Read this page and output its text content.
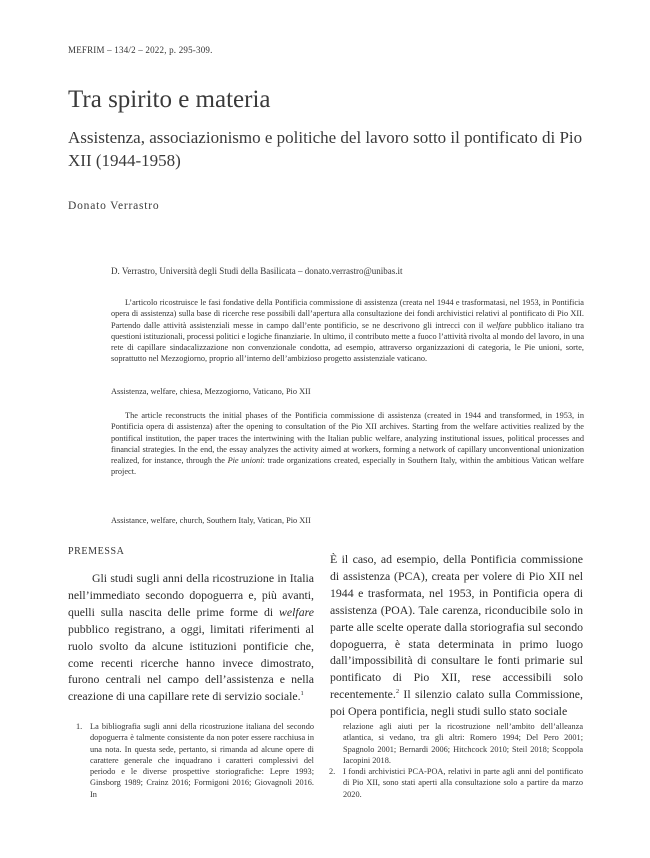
MEFRIM – 134/2 – 2022, p. 295-309.
Tra spirito e materia
Assistenza, associazionismo e politiche del lavoro sotto il pontificato di Pio XII (1944-1958)
Donato Verrastro
D. Verrastro, Università degli Studi della Basilicata – donato.verrastro@unibas.it

L’articolo ricostruisce le fasi fondative della Pontificia commissione di assistenza (creata nel 1944 e trasformatasi, nel 1953, in Pontificia opera di assistenza) sulla base di ricerche rese possibili dall’apertura alla consultazione dei fondi archivistici relativi al pontificato di Pio XII. Partendo dalle attività assistenziali messe in campo dall’ente pontificio, se ne descrivono gli intrecci con il welfare pubblico italiano tra questioni istituzionali, processi politici e logiche finanziarie. In ultimo, il contributo mette a fuoco l’attività rivolta al mondo del lavoro, in una rete di capillare sindacalizzazione non convenzionale condotta, ad esempio, attraverso organizzazioni di categoria, le Pie unioni, sorte, soprattutto nel Mezzogiorno, proprio all’interno dell’ambizioso progetto assistenziale vaticano.

Assistenza, welfare, chiesa, Mezzogiorno, Vaticano, Pio XII

The article reconstructs the initial phases of the Pontificia commissione di assistenza (created in 1944 and transformed, in 1953, in Pontificia opera di assistenza) after the opening to consultation of the Pio XII archives. Starting from the welfare activities realized by the pontifical institution, the paper traces the intertwining with the Italian public welfare, analyzing institutional issues, political processes and financial strategies. In the end, the essay analyzes the activity aimed at workers, forming a network of capillary unconventional unionization realized, for instance, through the Pie unioni: trade organizations created, especially in Southern Italy, within the ambitious Vatican welfare project.

Assistance, welfare, church, Southern Italy, Vatican, Pio XII
PREMESSA

Gli studi sugli anni della ricostruzione in Italia nell’immediato secondo dopoguerra e, più avanti, quelli sulla nascita delle prime forme di welfare pubblico registrano, a oggi, limitati riferimenti al ruolo svolto da alcune istituzioni pontificie che, come recenti ricerche hanno invece dimostrato, furono centrali nel campo dell’assistenza e nella creazione di una capillare rete di servizio sociale.$^1$

È il caso, ad esempio, della Pontificia commissione di assistenza (PCA), creata per volere di Pio XII nel 1944 e trasformata, nel 1953, in Pontificia opera di assistenza (POA). Tale carenza, riconducibile solo in parte alle scelte operate dalla storiografia sul secondo dopoguerra, è stata determinata in primo luogo dall’impossibilità di consultare le fonti primarie sul pontificato di Pio XII, rese accessibili solo recentemente.$^2$ Il silenzio calato sulla Commissione, poi Opera pontificia, negli studi sullo stato sociale

1. La bibliografia sugli anni della ricostruzione italiana del secondo dopoguerra è talmente consistente da non poter essere racchiusa in una nota. In questa sede, pertanto, si rimanda ad alcune opere di carattere generale che inquadrano i caratteri complessivi del periodo e le diverse prospettive storiografiche: Lepre 1993; Ginsborg 1989; Crainz 2016; Formigoni 2016; Giovagnoli 2016. In
relazione agli aiuti per la ricostruzione nell’ambito dell’alleanza atlantica, si vedano, tra gli altri: Romero 1994; Del Pero 2001; Spagnolo 2001; Bernardi 2006; Hitchcock 2010; Steil 2018; Scoppola Iacopini 2018.
2. I fondi archivistici PCA-POA, relativi in parte agli anni del pontificato di Pio XII, sono stati aperti alla consultazione solo a partire da marzo 2020.
